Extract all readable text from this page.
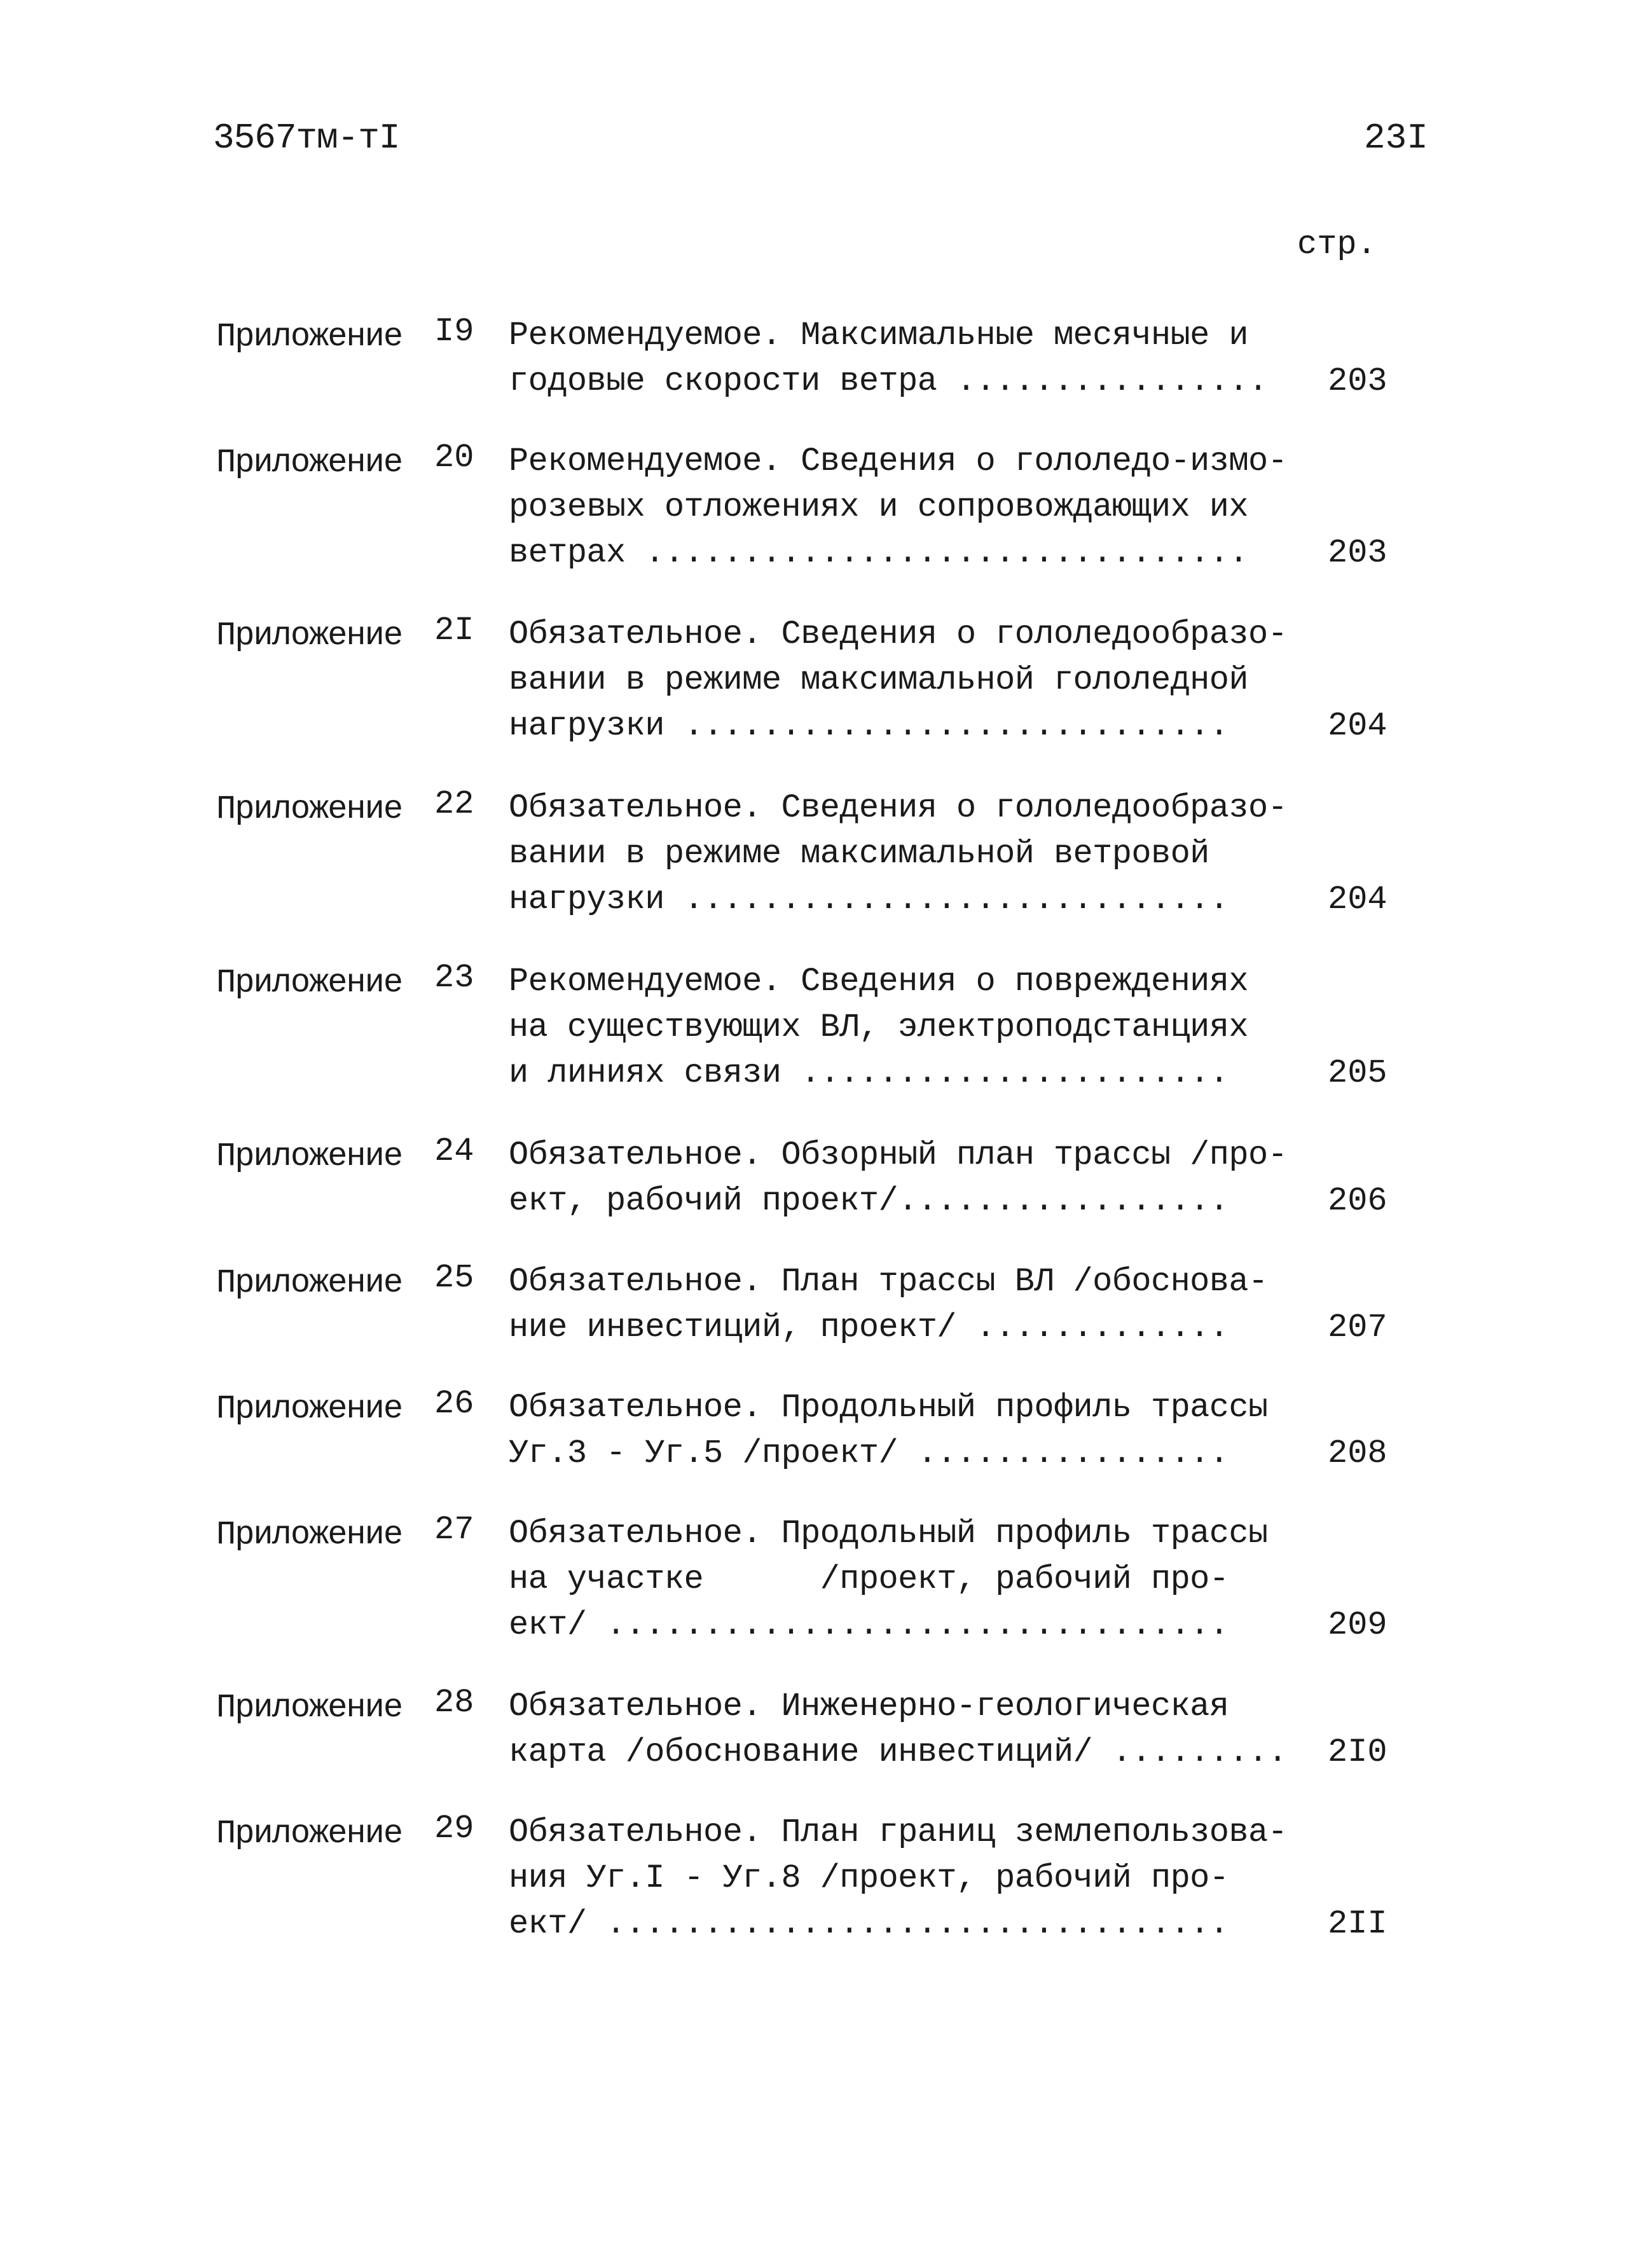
3567тм-тI	23I
стр.
Приложение I9 Рекомендуемое. Максимальные месячные и
годовые скорости ветра ................ 203
Приложение 20 Рекомендуемое. Сведения о гололедо-измо-
розевых отложениях и сопровождающих их
ветрах ............................... 203
Приложение 2I Обязательное. Сведения о гололедообразо-
вании в режиме максимальной гололедной
нагрузки ............................	204
Приложение 22 Обязательное. Сведения о гололедообразо-
вании в режиме максимальной ветровой
нагрузки ............................	204
Приложение 23 Рекомендуемое. Сведения о повреждениях
на существующих ВЛ, электроподстанциях
и линиях связи ......................	205
Приложение 24 Обязательное. Обзорный план трассы /про-
ект, рабочий проект/.................	206
Приложение 25 Обязательное. План трассы ВЛ /обоснова-
ние инвестиций, проект/ .............	207
Приложение 26 Обязательное. Продольный профиль трассы
Уг.3 - Уг.5 /проект/ ................	208
Приложение 27 Обязательное. Продольный профиль трассы
на участке      /проект, рабочий про-
ект/ ................................	209
Приложение 28 Обязательное. Инженерно-геологическая
карта /обоснование инвестиций/ ......... 2I0
Приложение 29 Обязательное. План границ землепользова-
ния Уг.I - Уг.8 /проект, рабочий про-
ект/ ................................	2II
